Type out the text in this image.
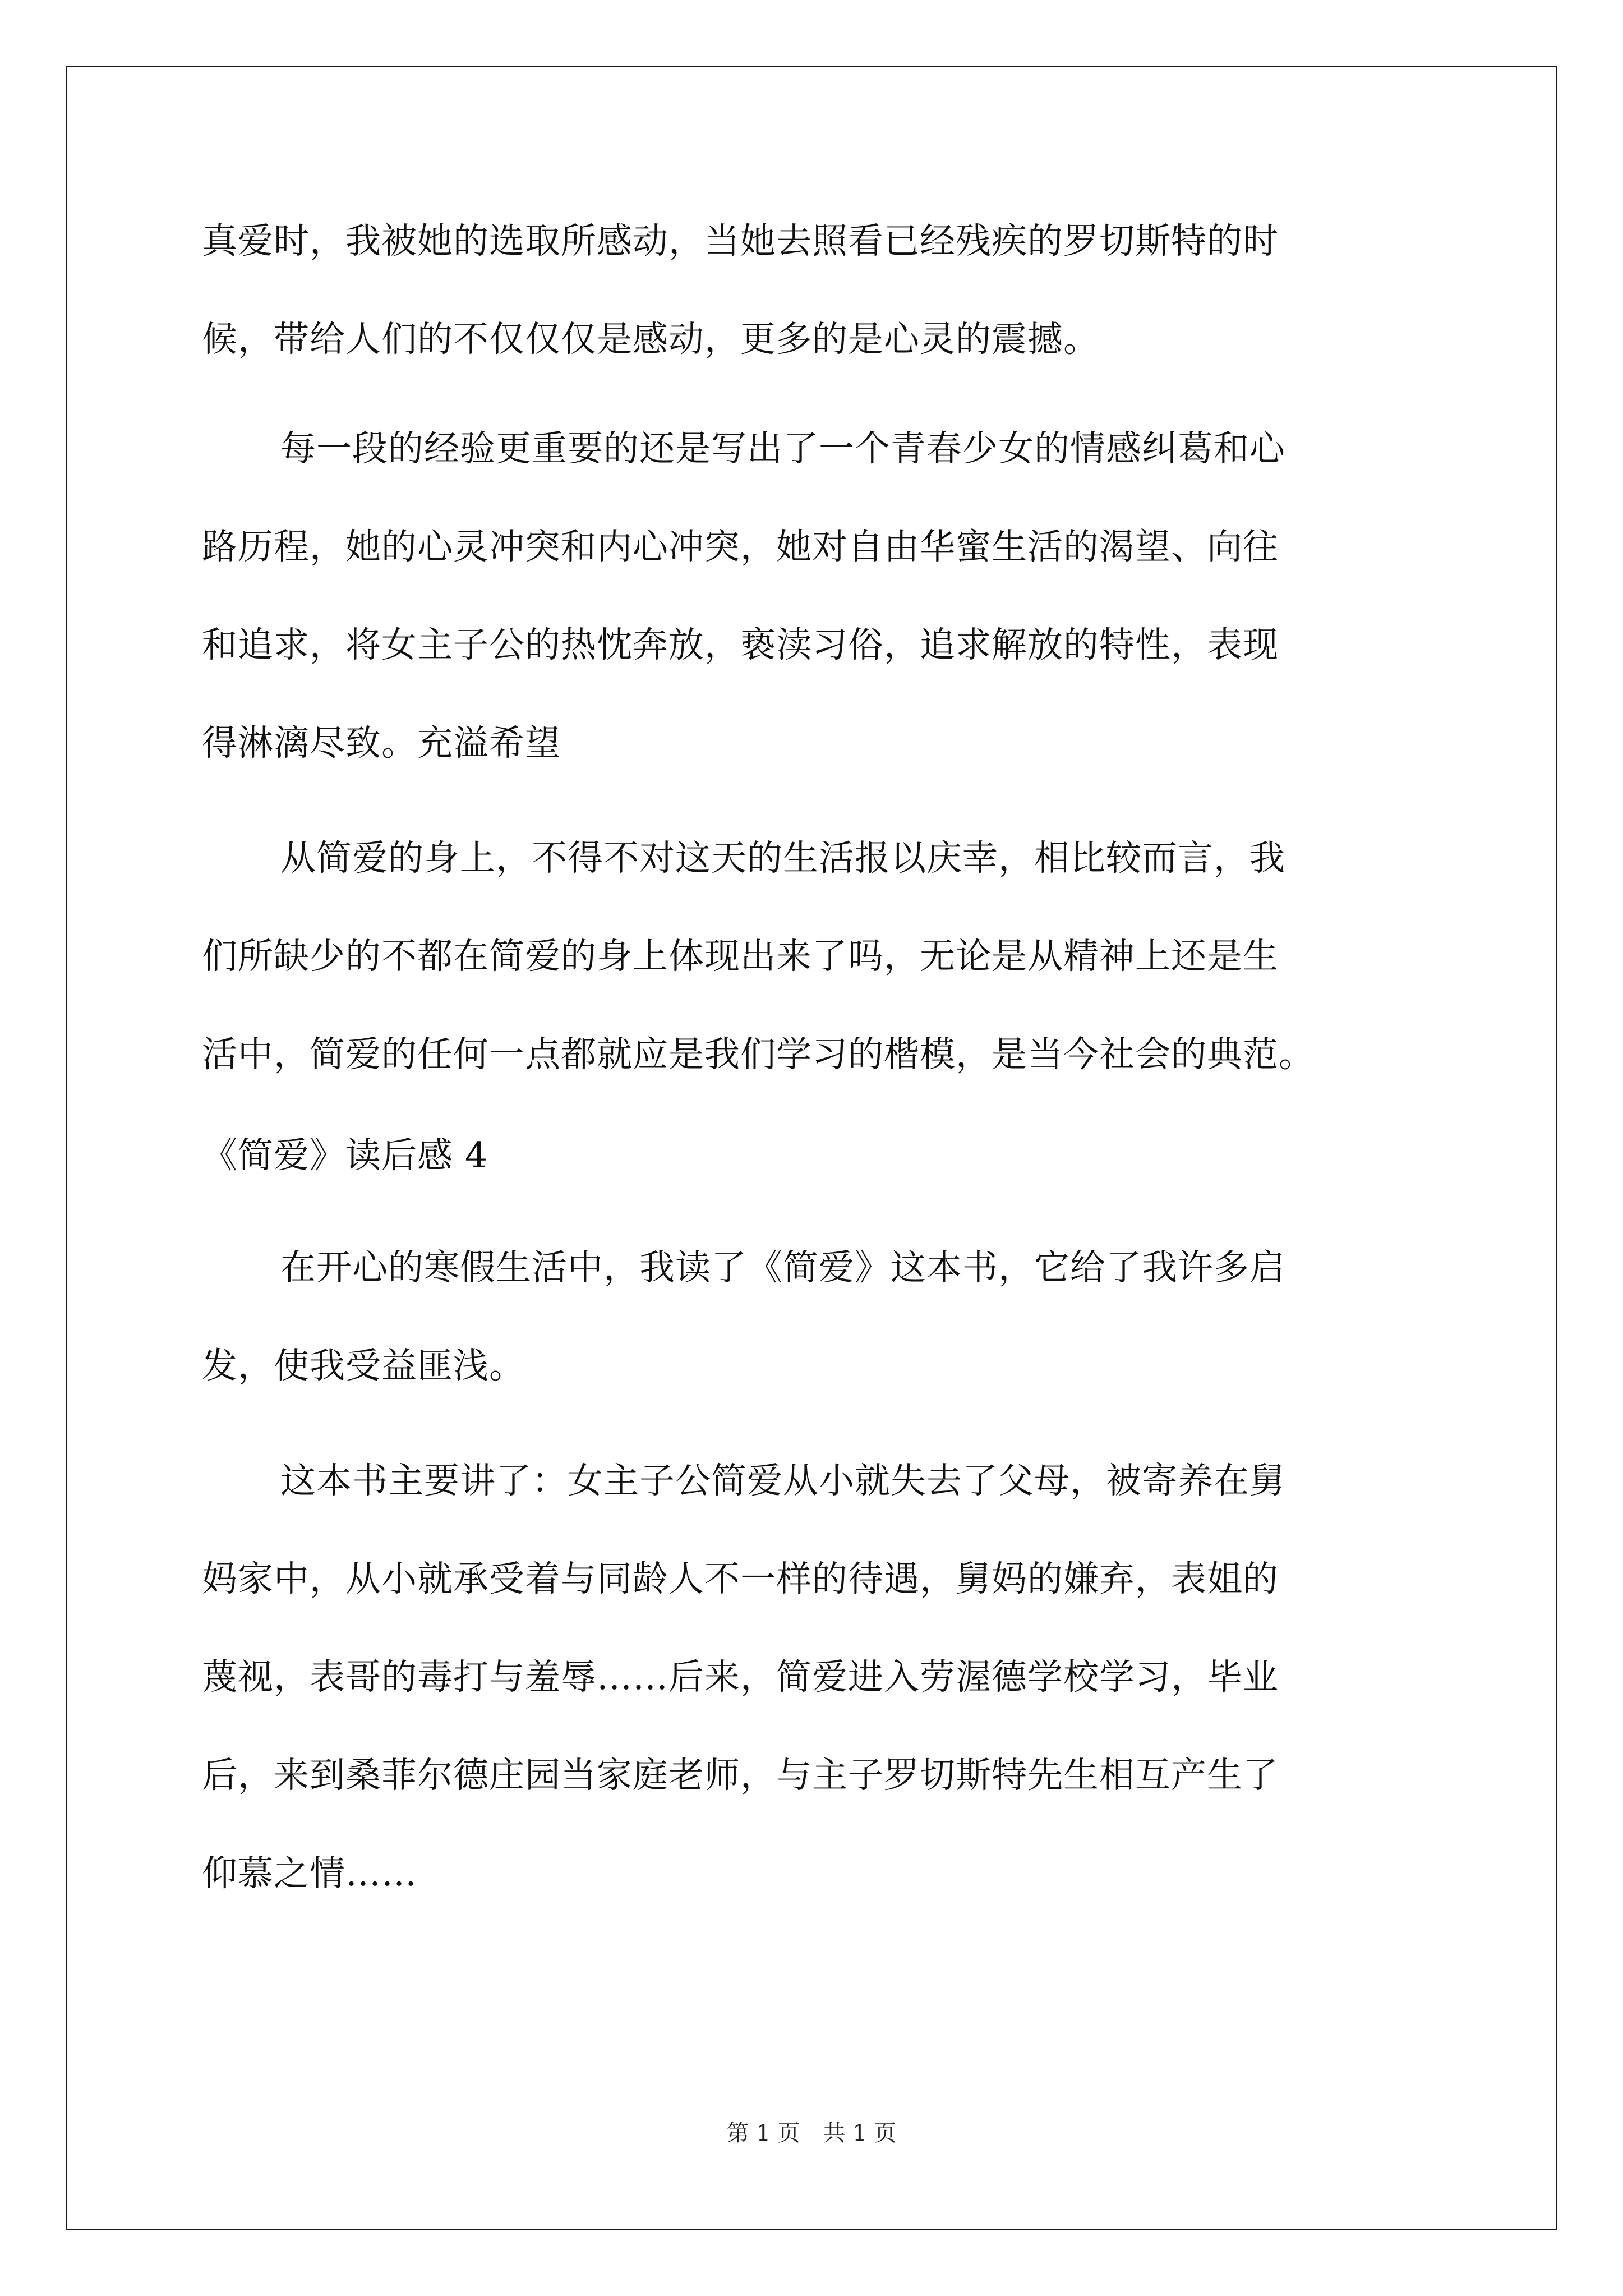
真爱时，我被她的选取所感动，当她去照看已经残疾的罗切斯特的时
候，带给人们的不仅仅仅是感动，更多的是心灵的震撼。
每一段的经验更重要的还是写出了一个青春少女的情感纠葛和心
路历程，她的心灵冲突和内心冲突，她对自由华蜜生活的渴望、向往
和追求，将女主子公的热忱奔放，亵渎习俗，追求解放的特性，表现
得淋漓尽致。充溢希望
从简爱的身上，不得不对这天的生活报以庆幸，相比较而言，我
们所缺少的不都在简爱的身上体现出来了吗，无论是从精神上还是生
活中，简爱的任何一点都就应是我们学习的楷模，是当今社会的典范。
《简爱》读后感 4
在开心的寒假生活中，我读了《简爱》这本书，它给了我许多启
发，使我受益匪浅。
这本书主要讲了：女主子公简爱从小就失去了父母，被寄养在舅
妈家中，从小就承受着与同龄人不一样的待遇，舅妈的嫌弃，表姐的
蔑视，表哥的毒打与羞辱……后来，简爱进入劳渥德学校学习，毕业
后，来到桑菲尔德庄园当家庭老师，与主子罗切斯特先生相互产生了
仰慕之情……
第 1 页 共 1 页
